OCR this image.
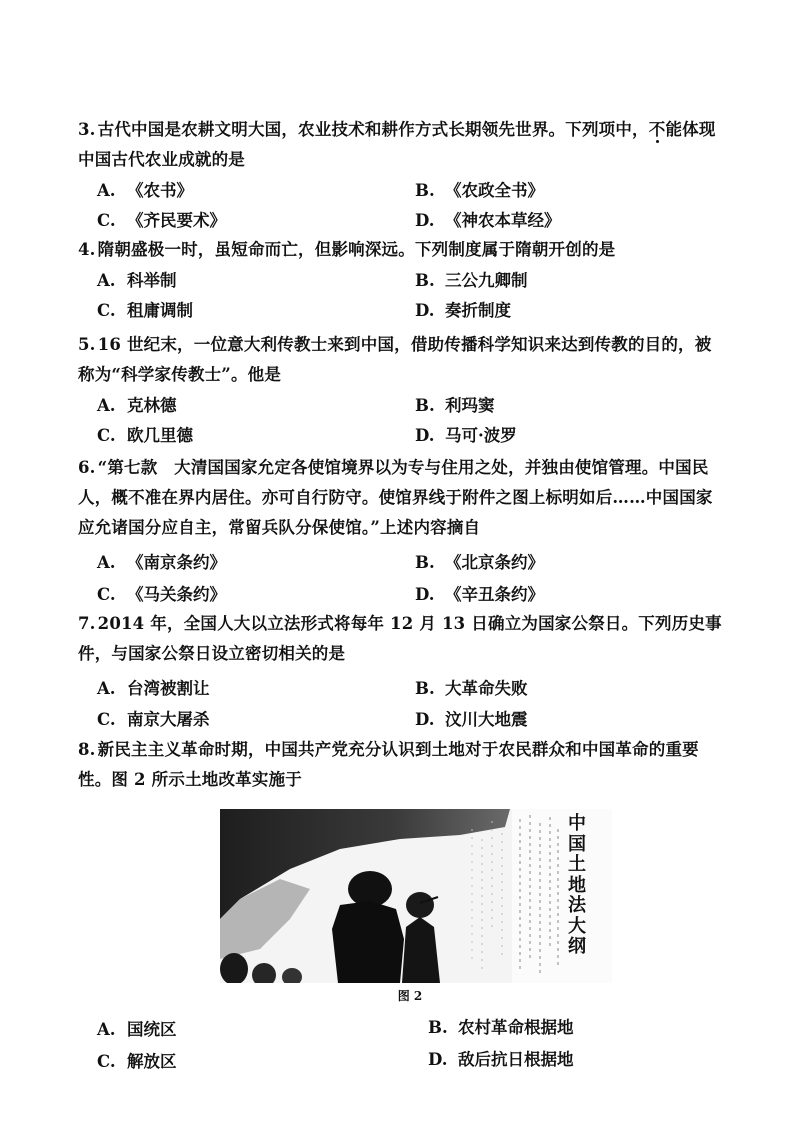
3. 古代中国是农耕文明大国，农业技术和耕作方式长期领先世界。下列项中，不能体现中国古代农业成就的是
A. 《农书》	B. 《农政全书》
C. 《齐民要术》	D. 《神农本草经》
4. 隋朝盛极一时，虽短命而亡，但影响深远。下列制度属于隋朝开创的是
A. 科举制	B. 三公九卿制
C. 租庸调制	D. 奏折制度
5. 16 世纪末，一位意大利传教士来到中国，借助传播科学知识来达到传教的目的，被称为“科学家传教士”。他是
A. 克林德	B. 利玛窦
C. 欧几里德	D. 马可·波罗
6. “第七款　大清国国家允定各使馆境界以为专与住用之处，并独由使馆管理。中国民人，概不准在界内居住。亦可自行防守。使馆界线于附件之图上标明如后……中国国家应允诸国分应自主，常留兵队分保使馆。”上述内容摘自
A. 《南京条约》	B. 《北京条约》
C. 《马关条约》	D. 《辛丑条约》
7. 2014 年，全国人大以立法形式将每年 12 月 13 日确立为国家公祭日。下列历史事件，与国家公祭日设立密切相关的是
A. 台湾被割让	B. 大革命失败
C. 南京大屠杀	D. 汶川大地震
8. 新民主主义革命时期，中国共产党充分认识到土地对于农民群众和中国革命的重要性。图 2 所示土地改革实施于
中国土地法大纲
图 2
A. 国统区	B. 农村革命根据地
C. 解放区	D. 敌后抗日根据地
